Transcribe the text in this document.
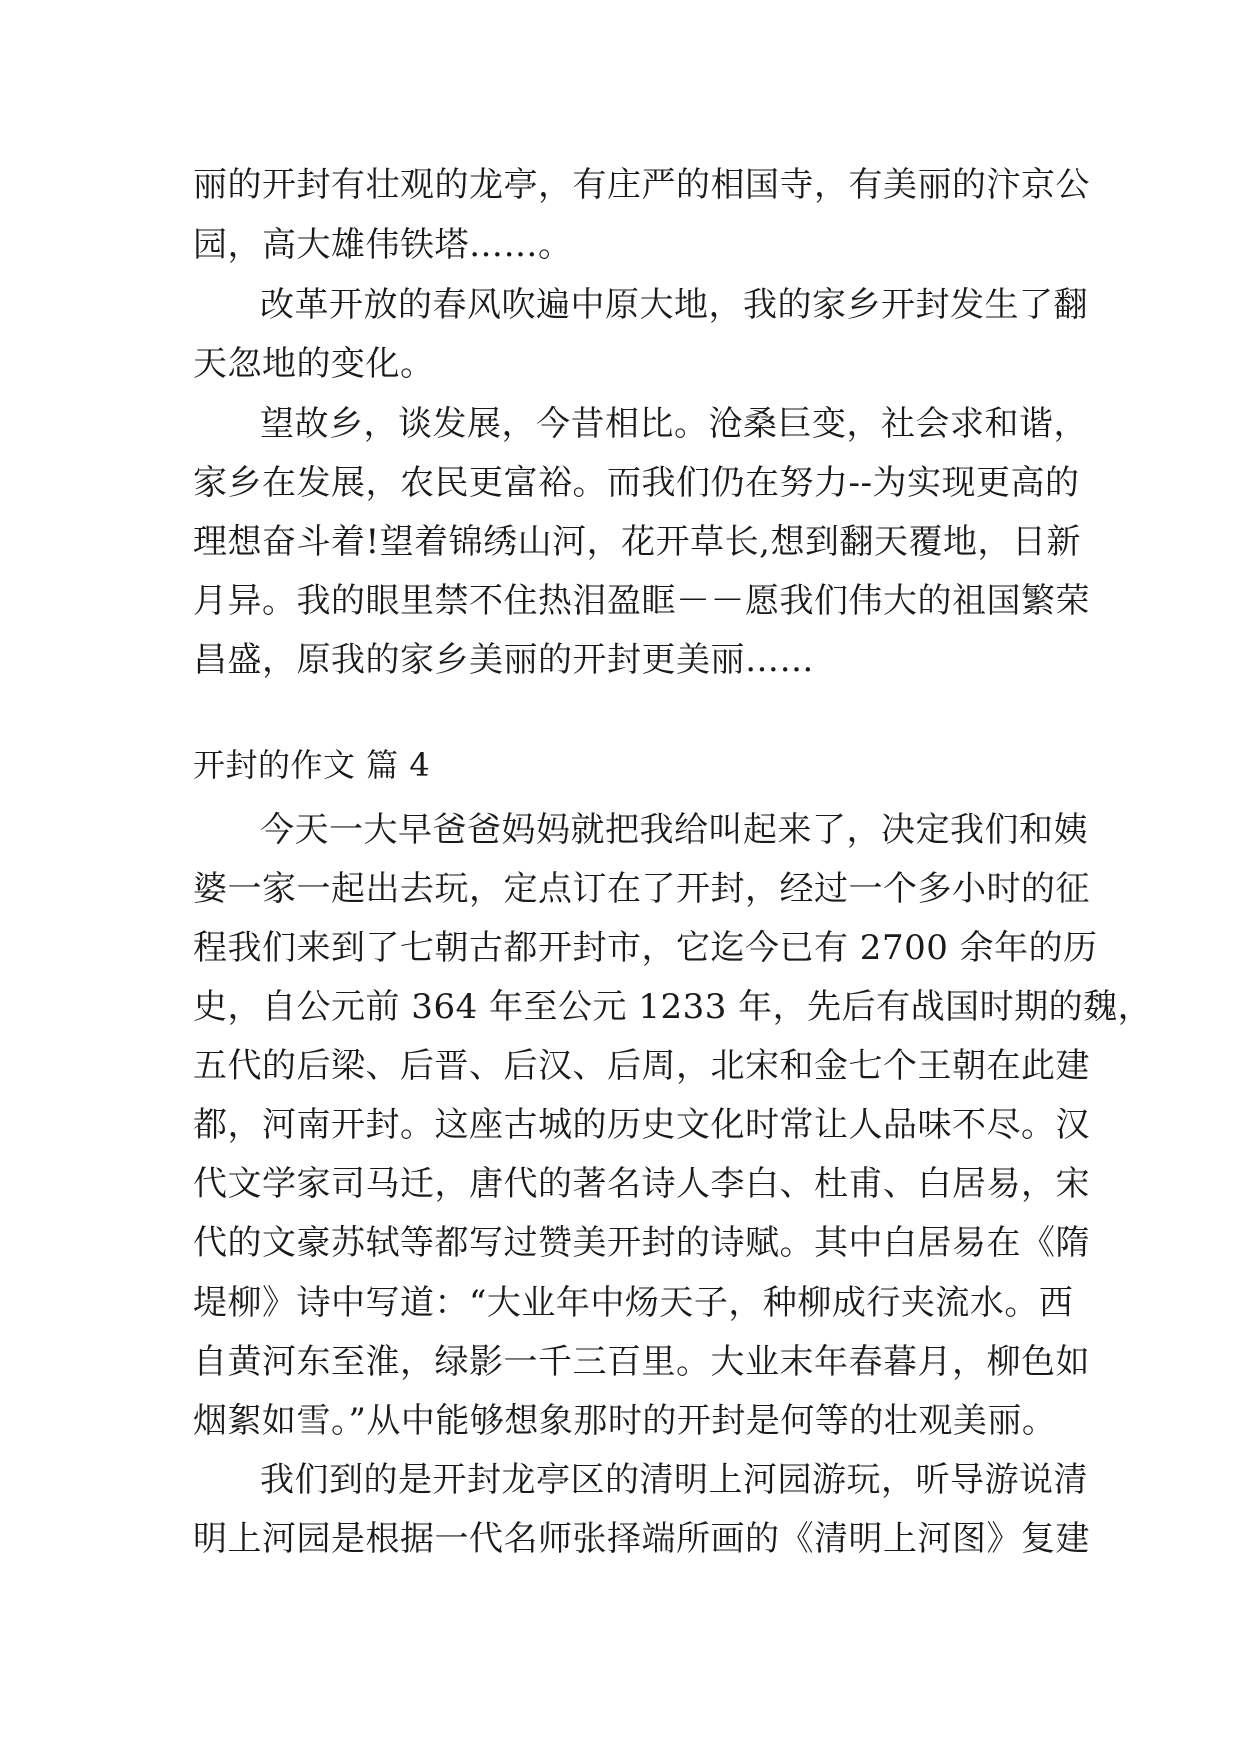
丽的开封有壮观的龙亭，有庄严的相国寺，有美丽的汴京公
园，高大雄伟铁塔……。
改革开放的春风吹遍中原大地，我的家乡开封发生了翻
天忽地的变化。
望故乡，谈发展，今昔相比。沧桑巨变，社会求和谐，
家乡在发展，农民更富裕。而我们仍在努力--为实现更高的
理想奋斗着!望着锦绣山河，花开草长,想到翻天覆地，日新
月异。我的眼里禁不住热泪盈眶－－愿我们伟大的祖国繁荣
昌盛，原我的家乡美丽的开封更美丽……
开封的作文 篇 4
今天一大早爸爸妈妈就把我给叫起来了，决定我们和姨
婆一家一起出去玩，定点订在了开封，经过一个多小时的征
程我们来到了七朝古都开封市，它迄今已有 2700 余年的历
史，自公元前 364 年至公元 1233 年，先后有战国时期的魏，
五代的后梁、后晋、后汉、后周，北宋和金七个王朝在此建
都，河南开封。这座古城的历史文化时常让人品味不尽。汉
代文学家司马迁，唐代的著名诗人李白、杜甫、白居易，宋
代的文豪苏轼等都写过赞美开封的诗赋。其中白居易在《隋
堤柳》诗中写道：“大业年中炀天子，种柳成行夹流水。西
自黄河东至淮，绿影一千三百里。大业末年春暮月，柳色如
烟絮如雪。”从中能够想象那时的开封是何等的壮观美丽。
我们到的是开封龙亭区的清明上河园游玩，听导游说清
明上河园是根据一代名师张择端所画的《清明上河图》复建
